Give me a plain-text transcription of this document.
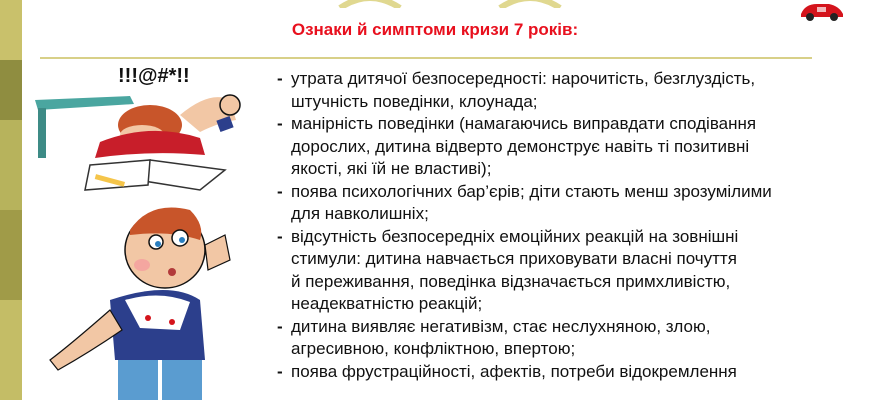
Ознаки й симптоми кризи 7 років:
!!!@#*!!	- утрата дитячої безпосередності: нарочитість, безглуздість,
штучність поведінки, клоунада;
- манірність поведінки (намагаючись виправдати сподівання
дорослих, дитина відверто демонструє навіть ті позитивні
якості, які їй не властиві);
- поява психологічних бар’єрів; діти стають менш зрозумілими
для навколишніх;
- відсутність безпосередніх емоційних реакцій на зовнішні
стимули: дитина навчається приховувати власні почуття
й переживання, поведінка відзначається примхливістю,
неадекватністю реакцій;
- дитина виявляє негативізм, стає неслухняною, злою,
агресивною, конфліктною, впертою;
- поява фрустраційності, афектів, потреби відокремлення
